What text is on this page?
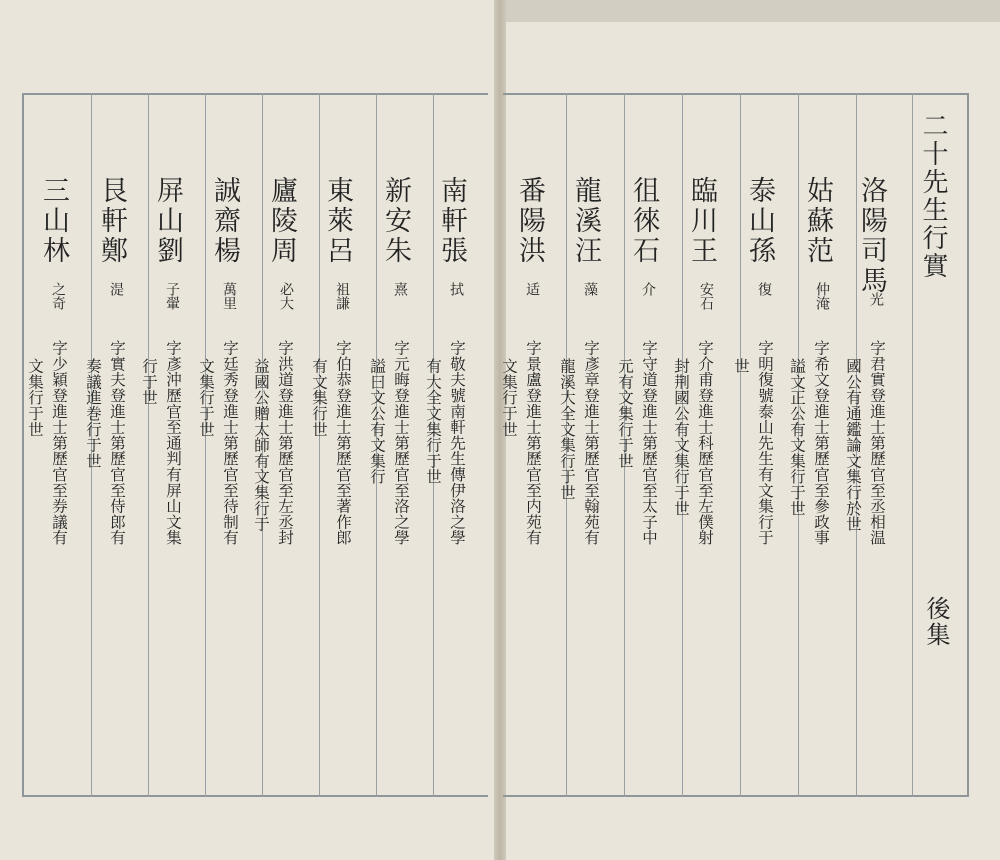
二十先生行實
後集
洛陽司馬
光
字君實登進士第歷官至丞相温
姑蘇范
仲淹
字希文登進士第歷官至參政事
泰山孫
復
字明復號泰山先生有文集行于
臨川王
安石
字介甫登進士科歷官至左僕射
徂徠石
介
字守道登進士第歷官至太子中
龍溪汪
藻
字彥章登進士第歷官至翰苑有
番陽洪
适
字景盧登進士第歷官至内苑有
南軒張
拭
字敬夫號南軒先生傳伊洛之學
新安朱
熹
字元晦登進士第歷官至洛之學
東萊呂
祖謙
字伯恭登進士第歷官至著作郎
廬陵周
必大
字洪道登進士第歷官至左丞封
誠齋楊
萬里
字廷秀登進士第歷官至待制有
屏山劉
子翬
字彥沖歷官至通判有屏山文集
艮軒鄭
湜
字實夫登進士第歷官至侍郎有
三山林
之奇
字少穎登進士第歷官至券議有	國公有通鑑論文集行於世
謚文正公有文集行于世
世
封荆國公有文集行于世
元有文集行于世
龍溪大全文集行于世
文集行于世
有大全文集行于世
謚曰文公有文集行
有文集行世
益國公贈太師有文集行于
文集行于世
行于世
奏議進巻行于世
文集行于世
